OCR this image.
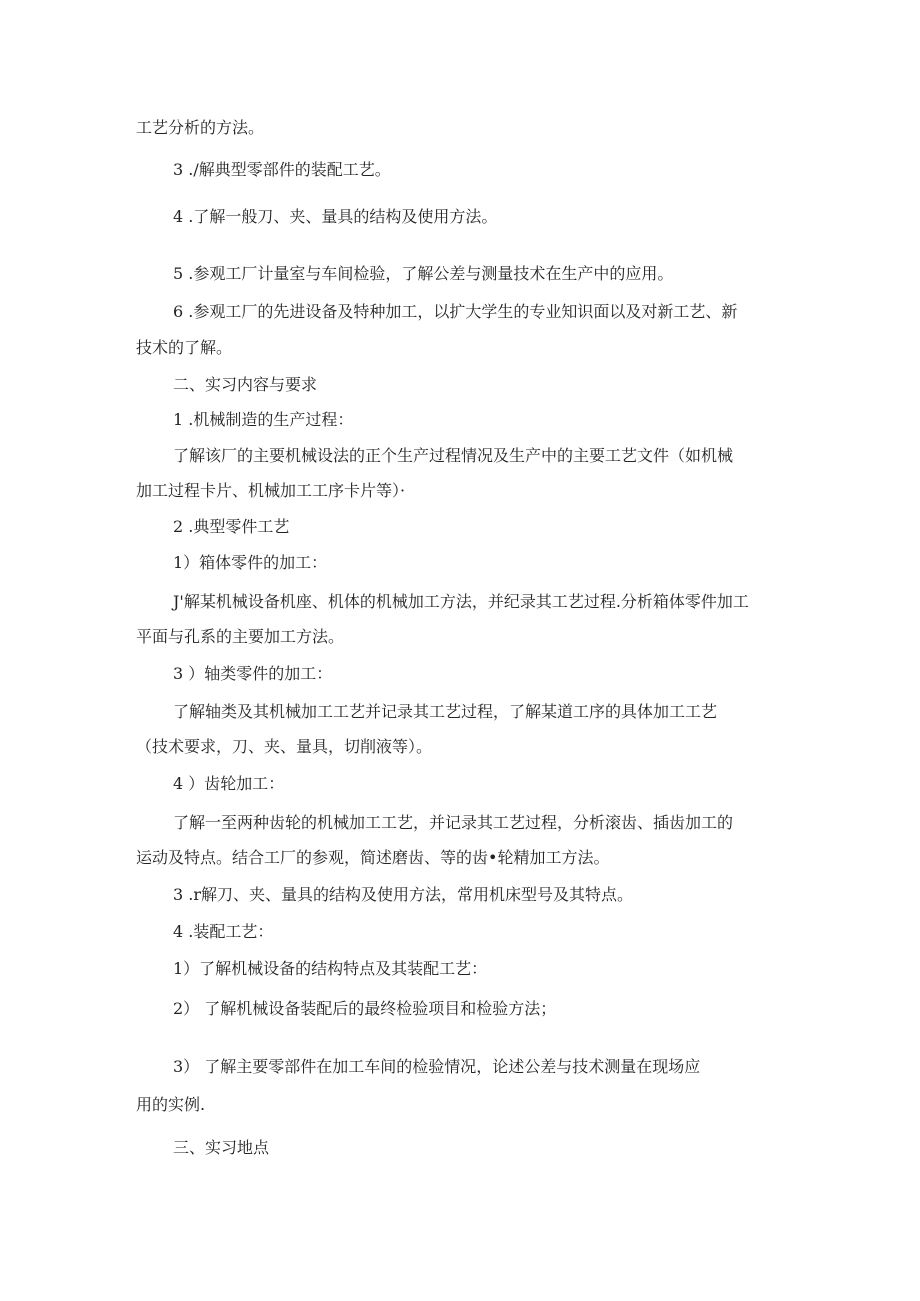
工艺分析的方法。
3 ./解典型零部件的装配工艺。
4 .了解一般刀、夹、量具的结构及使用方法。
5 .参观工厂计量室与车间检验，了解公差与测量技术在生产中的应用。
6 .参观工厂的先进设备及特种加工，以扩大学生的专业知识面以及对新工艺、新
技术的了解。
二、实习内容与要求
1 .机械制造的生产过程：
了解该厂的主要机械设法的正个生产过程情况及生产中的主要工艺文件（如机械
加工过程卡片、机械加工工序卡片等）·
2 .典型零件工艺
1）箱体零件的加工：
J'解某机械设备机座、机体的机械加工方法，并纪录其工艺过程.分析箱体零件加工
平面与孔系的主要加工方法。
3 ）轴类零件的加工：
了解轴类及其机械加工工艺并记录其工艺过程，了解某道工序的具体加工工艺
（技术要求，刀、夹、量具，切削液等）。
4 ）齿轮加工：
了解一至两种齿轮的机械加工工艺，并记录其工艺过程，分析滚齿、插齿加工的
运动及特点。结合工厂的参观，简述磨齿、等的齿•轮精加工方法。
3 .r解刀、夹、量具的结构及使用方法，常用机床型号及其特点。
4 .装配工艺：
1）了解机械设备的结构特点及其装配工艺：
2） 了解机械设备装配后的最终检验项目和检验方法；
3） 了解主要零部件在加工车间的检验情况，论述公差与技术测量在现场应
用的实例.
三、实习地点
